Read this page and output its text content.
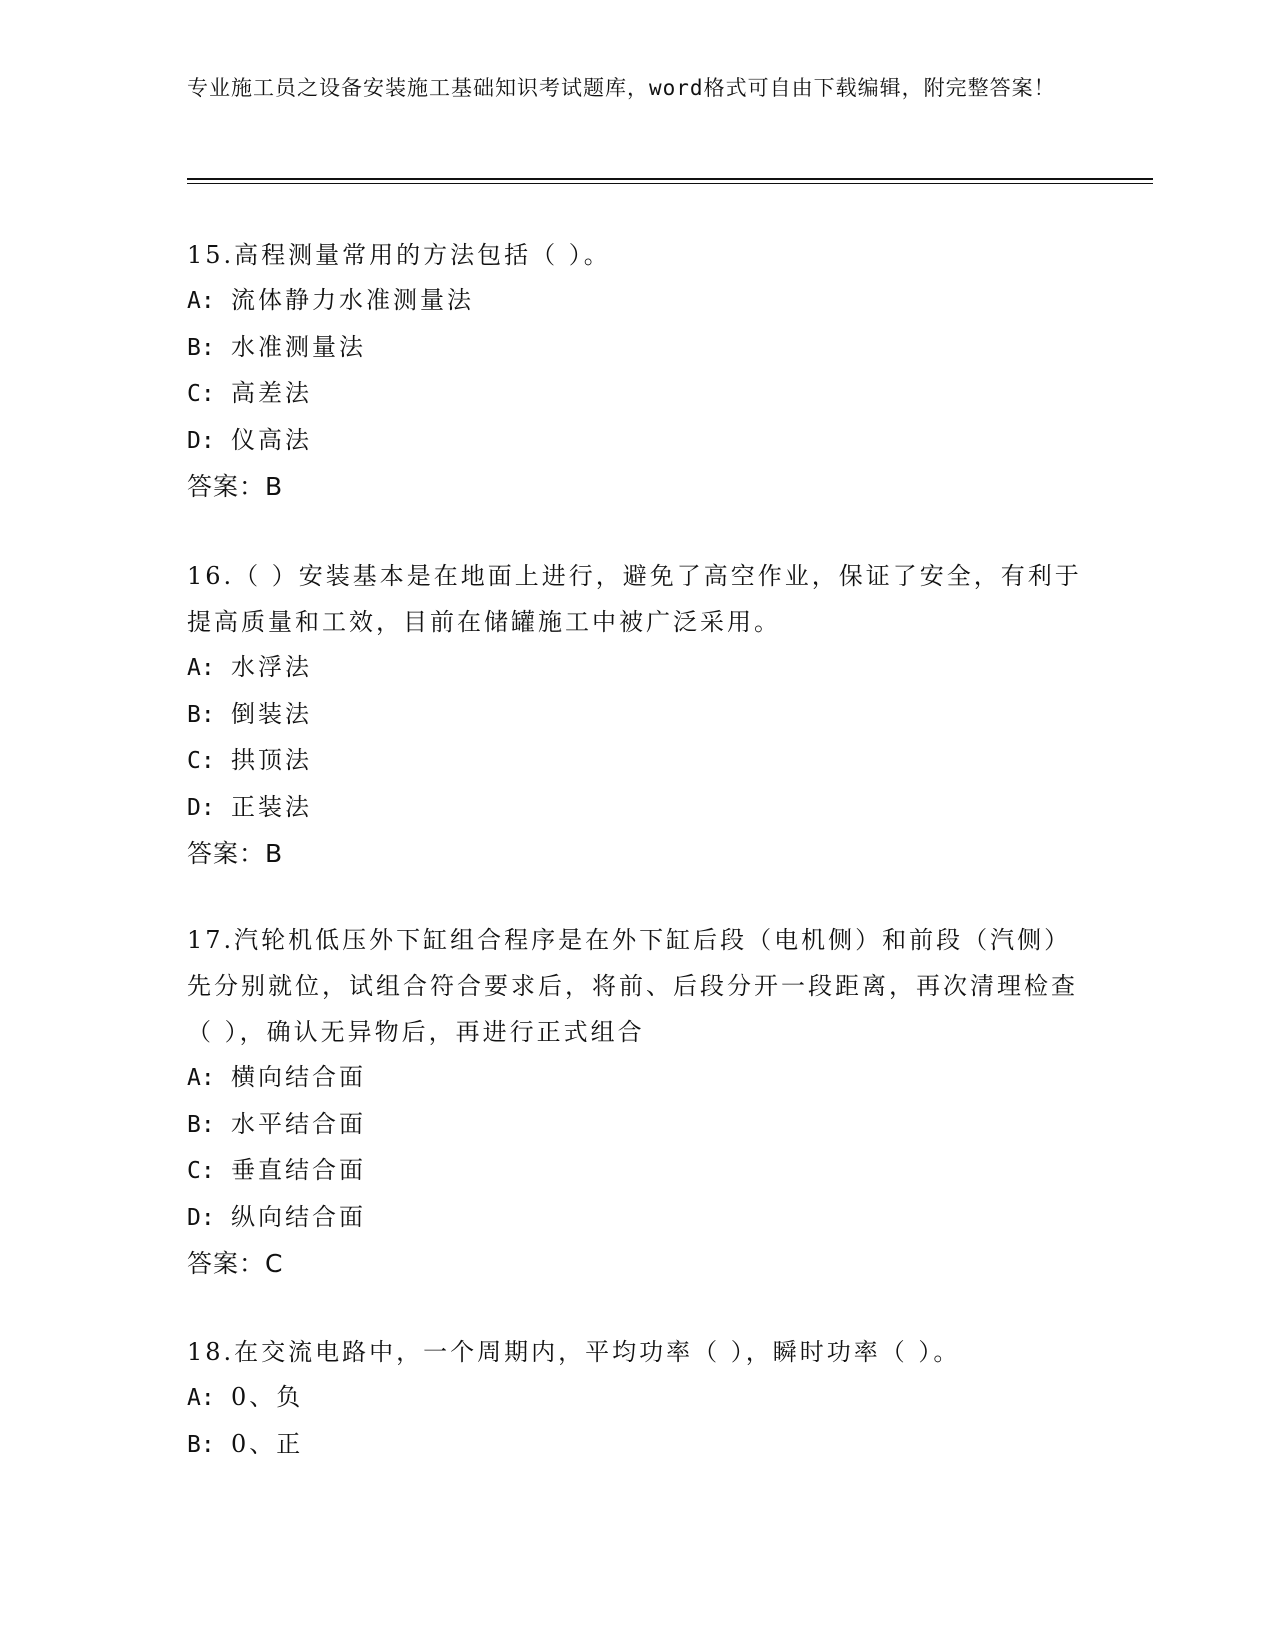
专业施工员之设备安装施工基础知识考试题库，word格式可自由下载编辑，附完整答案！
15.高程测量常用的方法包括（ ）。
A: 流体静力水准测量法
B: 水准测量法
C: 高差法
D: 仪高法
答案：B
16.（ ）安装基本是在地面上进行，避免了高空作业，保证了安全，有利于提高质量和工效，目前在储罐施工中被广泛采用。
A: 水浮法
B: 倒装法
C: 拱顶法
D: 正装法
答案：B
17.汽轮机低压外下缸组合程序是在外下缸后段（电机侧）和前段（汽侧）先分别就位，试组合符合要求后，将前、后段分开一段距离，再次清理检查（ ），确认无异物后，再进行正式组合
A: 横向结合面
B: 水平结合面
C: 垂直结合面
D: 纵向结合面
答案：C
18.在交流电路中，一个周期内，平均功率（ ），瞬时功率（ ）。
A: 0、负
B: 0、正
